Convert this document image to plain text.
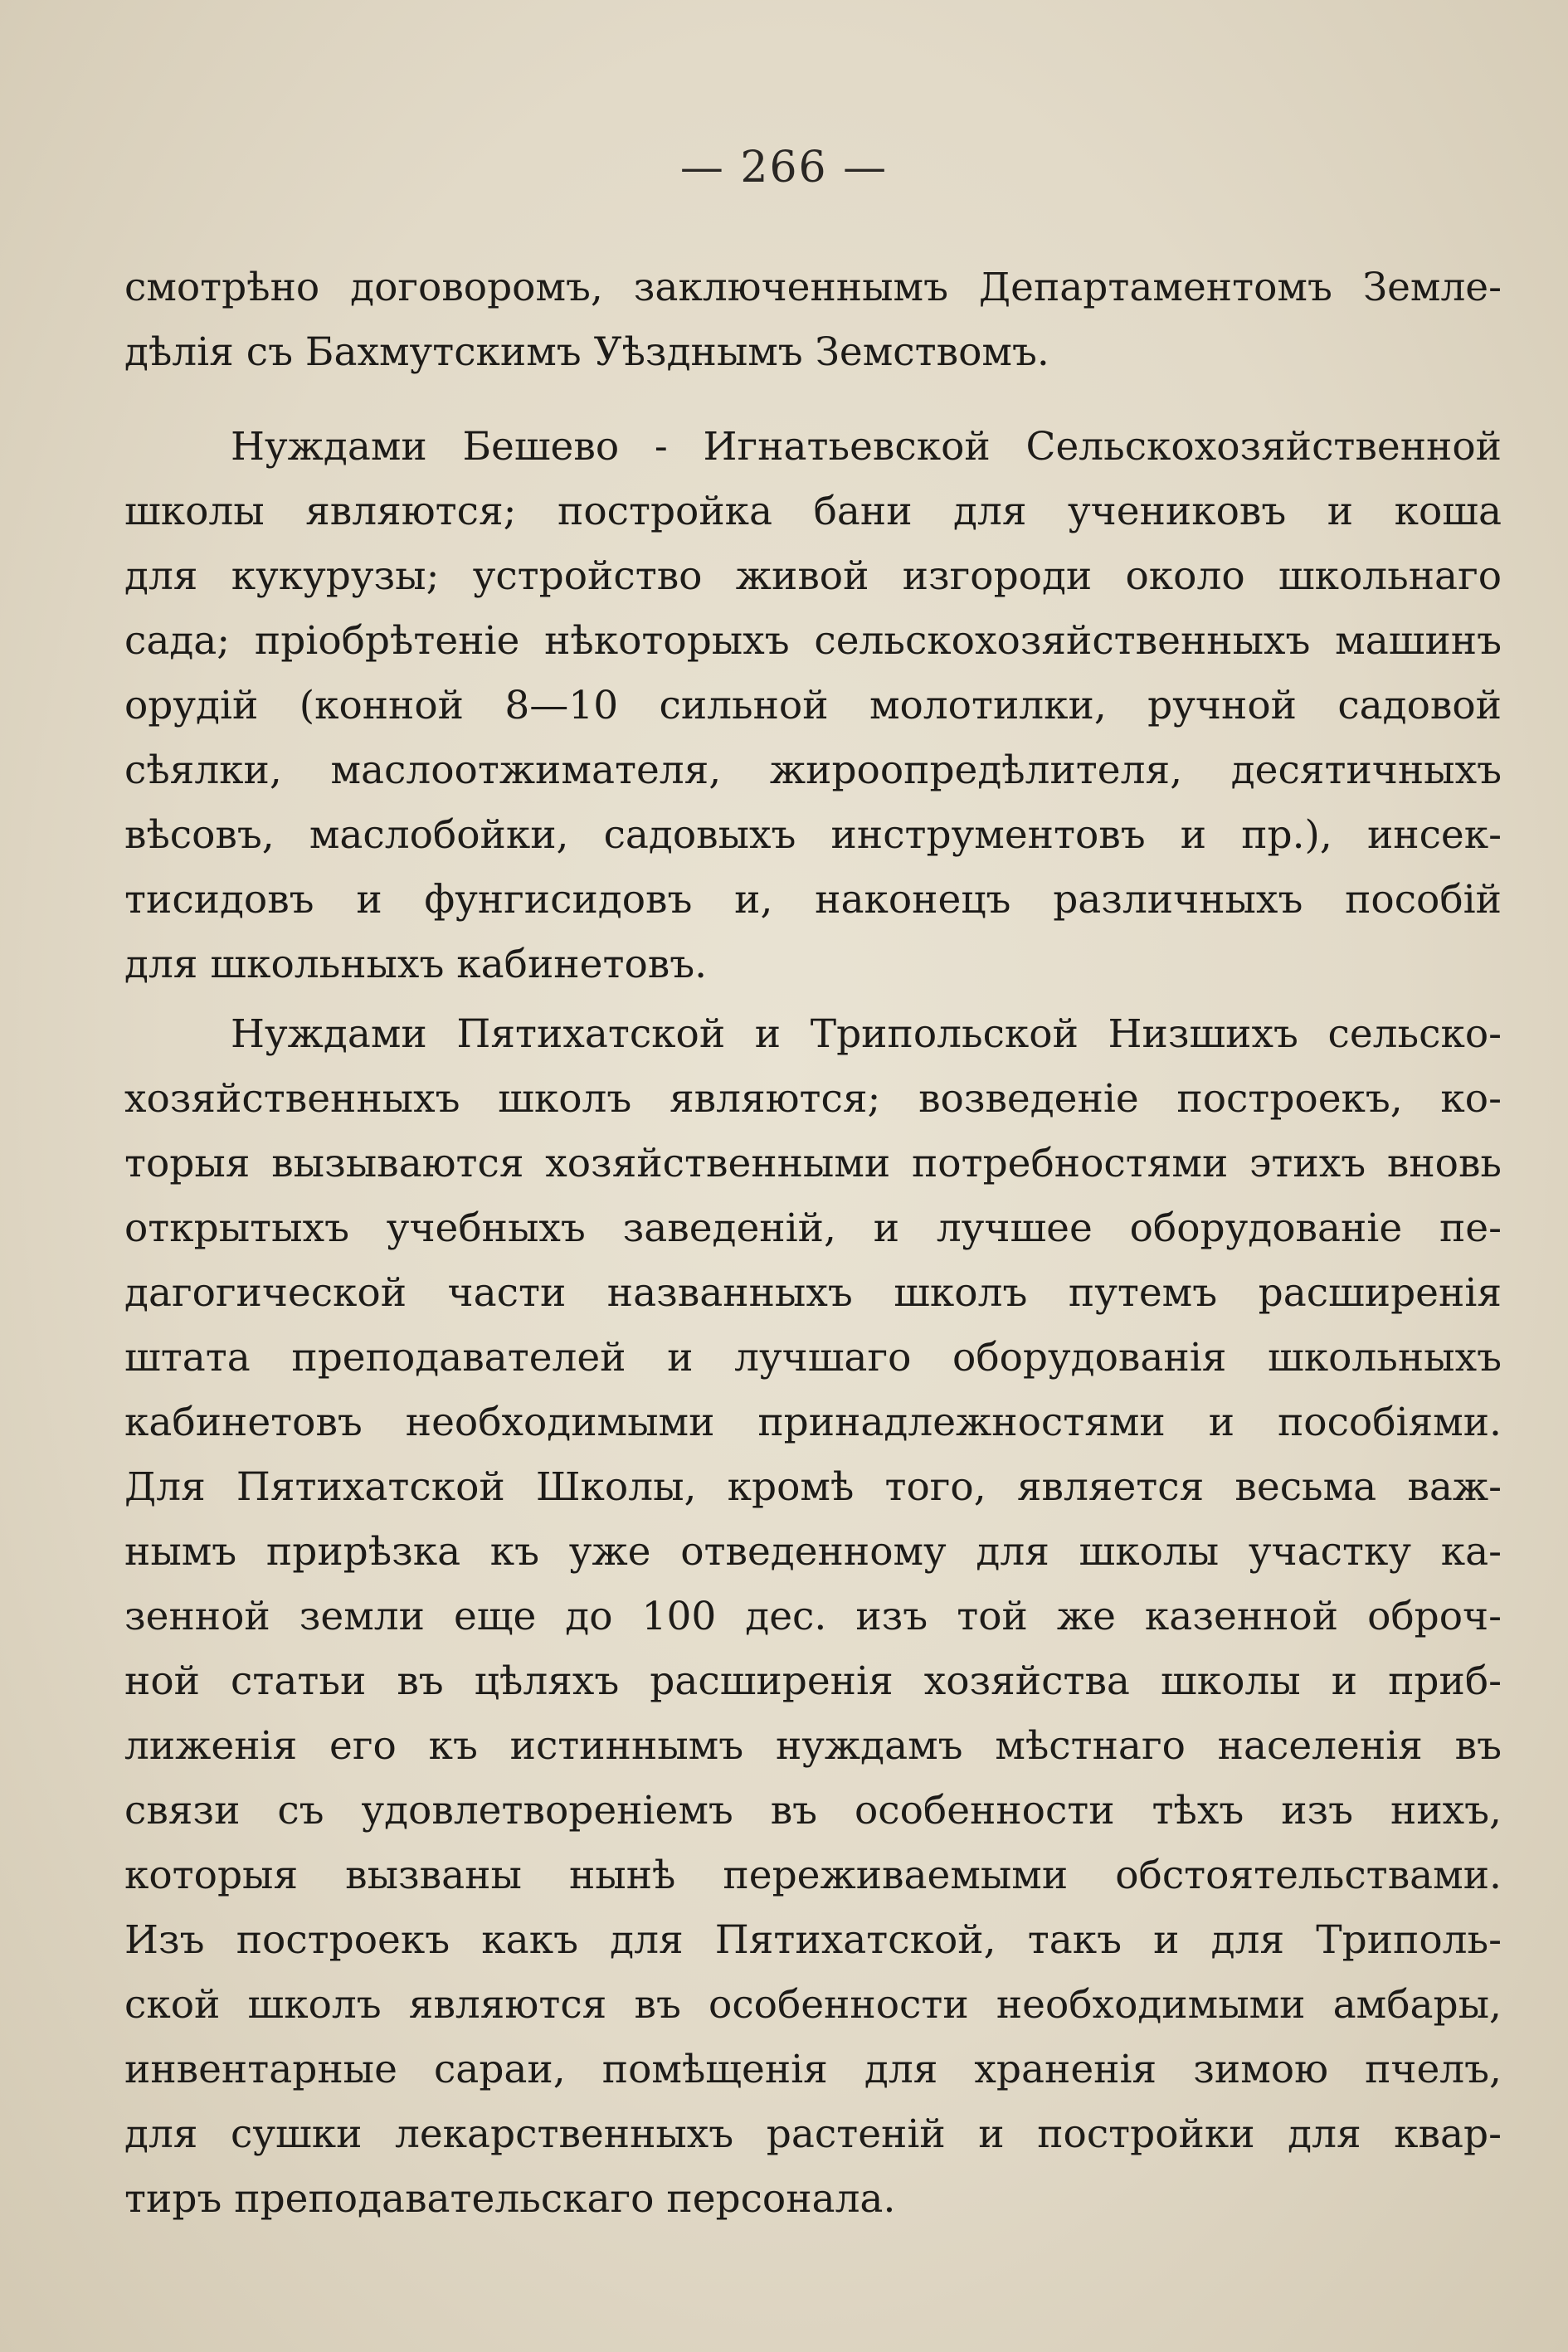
— 266 —

смотрѣно договоромъ, заключеннымъ Департаментомъ Земле-
дѣлія съ Бахмутскимъ Уѣзднымъ Земствомъ.

Нуждами Бешево - Игнатьевской Сельскохозяйственной
школы являются; постройка бани для учениковъ и коша
для кукурузы; устройство живой изгороди около школьнаго
сада; пріобрѣтеніе нѣкоторыхъ сельскохозяйственныхъ машинъ
орудій (конной 8—10 сильной молотилки, ручной садовой
сѣялки, маслоотжимателя, жироопредѣлителя, десятичныхъ
вѣсовъ, маслобойки, садовыхъ инструментовъ и пр.), инсек-
тисидовъ и фунгисидовъ и, наконецъ различныхъ пособій
для школьныхъ кабинетовъ.

Нуждами Пятихатской и Трипольской Низшихъ сельско-
хозяйственныхъ школъ являются; возведеніе построекъ, ко-
торыя вызываются хозяйственными потребностями этихъ вновь
открытыхъ учебныхъ заведеній, и лучшее оборудованіе пе-
дагогической части названныхъ школъ путемъ расширенія
штата преподавателей и лучшаго оборудованія школьныхъ
кабинетовъ необходимыми принадлежностями и пособіями.
Для Пятихатской Школы, кромѣ того, является весьма важ-
нымъ прирѣзка къ уже отведенному для школы участку ка-
зенной земли еще до 100 дес. изъ той же казенной оброч-
ной статьи въ цѣляхъ расширенія хозяйства школы и приб-
лиженія его къ истиннымъ нуждамъ мѣстнаго населенія въ
связи съ удовлетвореніемъ въ особенности тѣхъ изъ нихъ,
которыя вызваны нынѣ переживаемыми обстоятельствами.
Изъ построекъ какъ для Пятихатской, такъ и для Триполь-
ской школъ являются въ особенности необходимыми амбары,
инвентарные сараи, помѣщенія для храненія зимою пчелъ,
для сушки лекарственныхъ растеній и постройки для квар-
тиръ преподавательскаго персонала.
